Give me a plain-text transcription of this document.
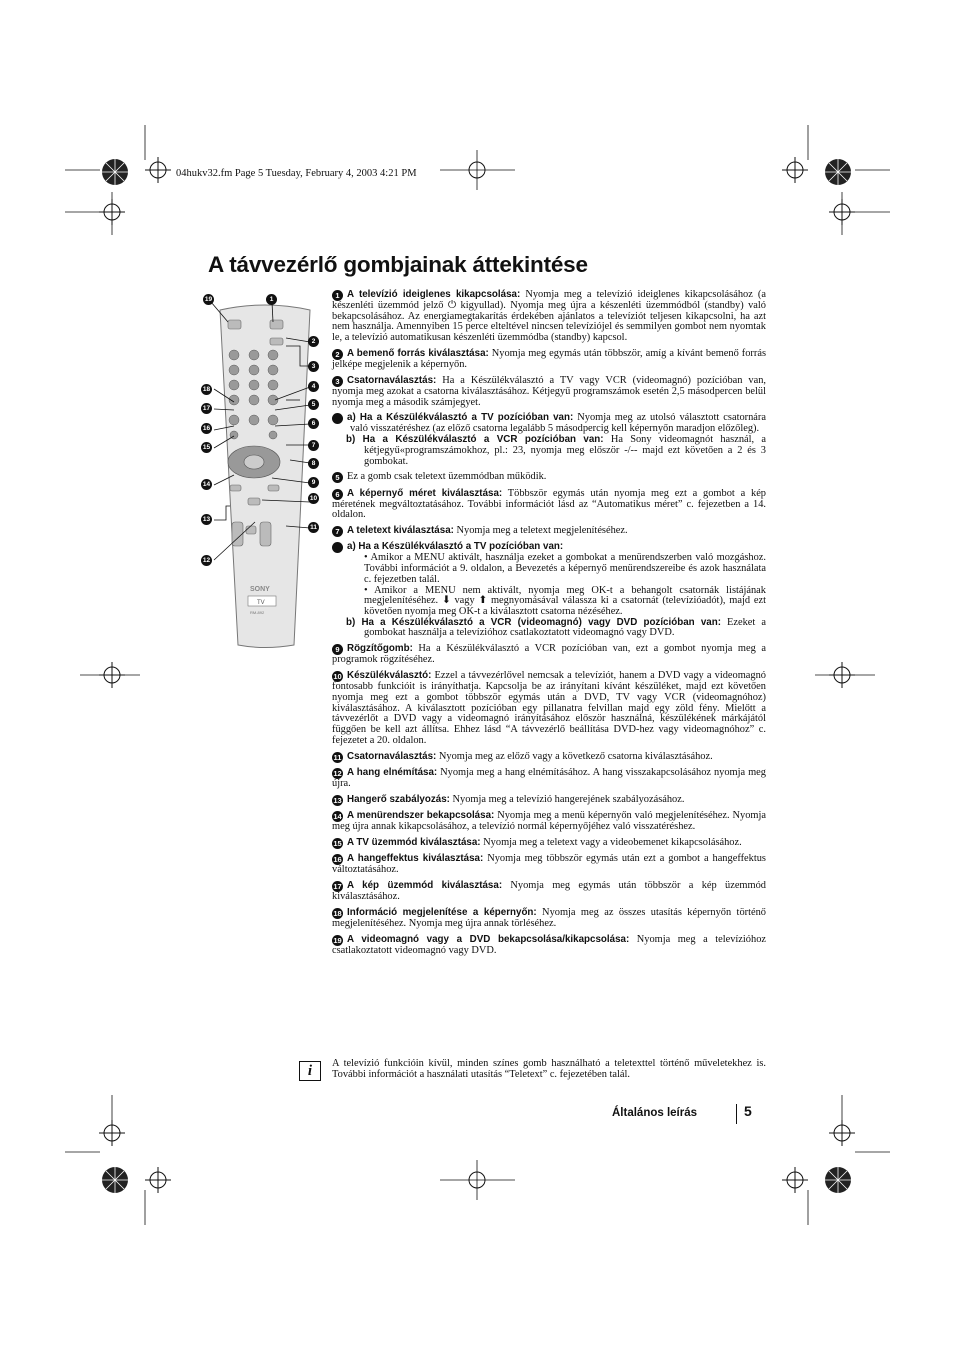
04hukv32.fm Page 5 Tuesday, February 4, 2003 4:21 PM
A távvezérlő gombjainak áttekintése
SONY
TV
RM-892
19	1
2
3
18	4
17
5
16
6
15	7
8
14	9
10
13
11
12

1 A televízió ideiglenes kikapcsolása: Nyomja meg a televízió ideiglenes kikapcsolásához (a készenléti üzemmód jelző ⏻ kigyullad). Nyomja meg újra a készenléti üzemmódból (standby) való bekapcsolásához. Az energiamegtakarítás érdekében ajánlatos a televíziót teljesen kikapcsolni, ha azt nem használja. Amennyiben 15 perce elteltével nincsen televíziójel és semmilyen gombot nem nyomtak le, a televízió automatikusan készenléti üzemmódba (standby) kapcsol.

2 A bemenő forrás kiválasztása: Nyomja meg egymás után többször, amíg a kívánt bemenő forrás jelképe megjelenik a képernyőn.

3 Csatornaválasztás: Ha a Készülékválasztó a TV vagy VCR (videomagnó) pozícióban van, nyomja meg azokat a csatorna kiválasztásához. Kétjegyű programszámok esetén 2,5 másodpercen belül nyomja meg a második számjegyet.

4 a) Ha a Készülékválasztó a TV pozícióban van: Nyomja meg az utolsó választott csatornára való visszatéréshez (az előző csatorna legalább 5 másodpercig kell képernyőn maradjon előzőleg).

b) Ha a Készülékválasztó a VCR pozícióban van: Ha Sony videomagnót használ, a kétjegyű«programszámokhoz, pl.: 23, nyomja meg először -/-- majd ezt követően a 2 és 3 gombokat.

5 Ez a gomb csak teletext üzemmódban működik.

6 A képernyő méret kiválasztása: Többször egymás után nyomja meg ezt a gombot a kép méretének megváltoztatásához. További információt lásd az “Automatikus méret” c. fejezetben a 14. oldalon.

7 A teletext kiválasztása: Nyomja meg a teletext megjelenítéséhez.

8 a) Ha a Készülékválasztó a TV pozícióban van:

• Amikor a MENU aktivált, használja ezeket a gombokat a menürendszerben való mozgáshoz. További információt a 9. oldalon, a Bevezetés a képernyő menürendszereibe és azok használata c. fejezetben talál.

• Amikor a MENU nem aktivált, nyomja meg OK-t a behangolt csatornák listájának megjelenítéséhez. ⬇ vagy ⬆ megnyomásával válassza ki a csatornát (televízióadót), majd ezt követően nyomja meg OK-t a kiválasztott csatorna nézéséhez.

b) Ha a Készülékválasztó a VCR (videomagnó) vagy DVD pozícióban van: Ezeket a gombokat használja a televízióhoz csatlakoztatott videomagnó vagy DVD.

9 Rögzítőgomb: Ha a Készülékválasztó a VCR pozícióban van, ezt a gombot nyomja meg a programok rögzítéséhez.

10 Készülékválasztó: Ezzel a távvezérlővel nemcsak a televíziót, hanem a DVD vagy a videomagnó fontosabb funkcióit is irányíthatja. Kapcsolja be az irányítani kívánt készüléket, majd ezt követően nyomja meg ezt a gombot többször egymás után a DVD, TV vagy VCR (videomagnóhoz) kiválasztásához. A kiválasztott pozícióban egy pillanatra felvillan majd egy zöld fény. Mielőtt a távvezérlőt a DVD vagy a videomagnó irányításához először használná, készülékének márkájától függően be kell azt állítsa. Ehhez lásd “A távvezérlő beállítása DVD-hez vagy videomagnóhoz” c. fejezetet a 20. oldalon.

11 Csatornaválasztás: Nyomja meg az előző vagy a következő csatorna kiválasztásához.

12 A hang elnémítása: Nyomja meg a hang elnémításához. A hang visszakapcsolásához nyomja meg újra.

13 Hangerő szabályozás: Nyomja meg a televízió hangerejének szabályozásához.

14 A menürendszer bekapcsolása: Nyomja meg a menü képernyőn való megjelenítéséhez. Nyomja meg újra annak kikapcsolásához, a televízió normál képernyőjéhez való visszatéréshez.

15 A TV üzemmód kiválasztása: Nyomja meg a teletext vagy a videobemenet kikapcsolásához.

16 A hangeffektus kiválasztása: Nyomja meg többször egymás után ezt a gombot a hangeffektus változtatásához.

17 A kép üzemmód kiválasztása: Nyomja meg egymás után többször a kép üzemmód kiválasztásához.

18 Információ megjelenítése a képernyőn: Nyomja meg az összes utasítás képernyőn történő megjelenítéséhez. Nyomja meg újra annak törléséhez.

19 A videomagnó vagy a DVD bekapcsolása/kikapcsolása: Nyomja meg a televízióhoz csatlakoztatott videomagnó vagy DVD.

i	A televízió funkcióin kívül, minden színes gomb használható a teletexttel történő műveletekhez is. További információt a használati utasítás “Teletext” c. fejezetében talál.

Általános leírás	5
